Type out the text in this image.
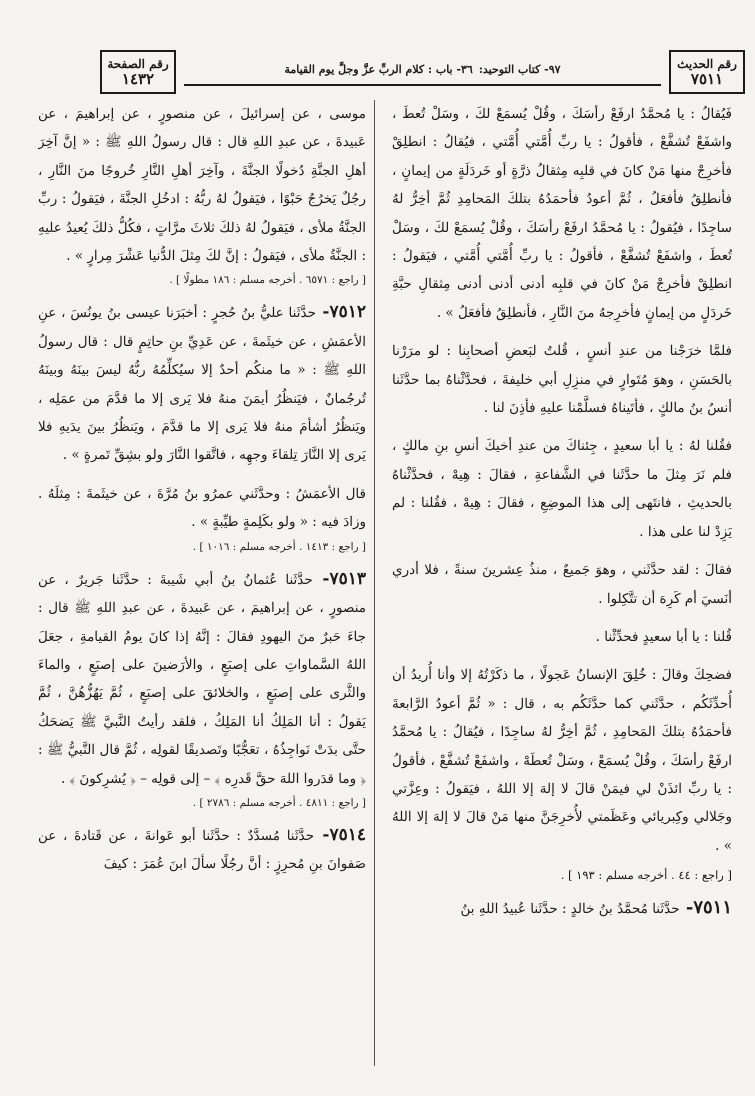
رقم الحديث
٧٥١١
٩٧- كتاب التوحيد:
٣٦- باب : كلام الربِّ عزَّ وجلَّ يوم القيامة
رقم الصفحة
١٤٣٢

فَيُقالُ : يا مُحمَّدُ ارفَعْ رأسَكَ ، وقُلْ يُسمَعْ لكَ ، وسَلْ تُعطَ ، واشفَعْ تُشفَّعْ ، فأقولُ : يا ربِّ أُمَّتي أُمَّتي ، فيُقالُ : انطلِقْ فأخرِجْ منها مَنْ كانَ في قلبِه مِثقالُ ذرَّةٍ أو خَردَلَةٍ من إيمانٍ ، فأنطلِقُ فأفعَلُ ، ثُمَّ أعودُ فأحمَدُهُ بتلكَ المَحامِدِ ثُمَّ أخِرُّ لهُ ساجِدًا ، فيُقولُ : يا مُحمَّدُ ارفَعْ رأسَكَ ، وقُلْ يُسمَعْ لكَ ، وسَلْ تُعطَ ، واشفَعْ تُشفَّعْ ، فأقولُ : يا ربِّ أُمَّتي أُمَّتي ، فيَقولُ : انطلِقْ فأخرِجْ مَنْ كانَ في قلبِه أدنى أدنى أدنى مِثقالِ حبَّةِ خَردَلٍ من إيمانٍ فأخرِجهُ منَ النَّارِ ، فأنطلِقُ فأفعَلُ » .

فلمَّا خرَجْنا من عندِ أنسٍ ، قُلتُ لبَعضِ أصحابِنا : لو مرَرْنا بالحَسَنِ ، وهوَ مُتَوارٍ في منزِلِ أبي خليفةَ ، فحدَّثْناهُ بما حدَّثَنا أنسُ بنُ مالكٍ ، فأتَيناهُ فسلَّمْنا عليهِ فأذِنَ لنا .

فقُلنا لهُ : يا أبا سعيدٍ ، جِئناكَ من عندِ أخيكَ أنسِ بنِ مالكٍ ، فلم نَرَ مِثلَ ما حدَّثَنا في الشَّفاعةِ ، فقالَ : هِيهْ ، فحدَّثْناهُ بالحديثِ ، فانتَهى إلى هذا الموضِعِ ، فقالَ : هِيهْ ، فقُلنا : لم يَزِدْ لنا على هذا .

فقالَ : لقد حدَّثَني ، وهوَ جَميعٌ ، منذُ عِشرينَ سنةً ، فلا أدري أنَسيَ أم كَرِهَ أن تتَّكِلوا .

قُلنا : يا أبا سعيدٍ فحدِّثْنا .

فضحِكَ وقالَ : خُلِقَ الإنسانُ عَجولًا ، ما ذكَرْتُهُ إلا وأنا أُريدُ أن أُحدِّثَكُم ، حدَّثَني كما حدَّثَكُم به ، قال : « ثُمَّ أعودُ الرَّابعةَ فأحمَدُهُ بتلكَ المَحامِدِ ، ثُمَّ أخِرُّ لهُ ساجِدًا ، فيُقالُ : يا مُحمَّدُ ارفَعْ رأسَكَ ، وقُلْ يُسمَعْ ، وسَلْ تُعطَهْ ، واشفَعْ تُشفَّعْ ، فأقولُ : يا ربِّ ائذَنْ لي فيمَنْ قالَ لا إلهَ إلا اللهُ ، فيَقولُ : وعِزَّتي وجَلالي وكِبريائي وعَظَمتي لأُخرِجَنَّ منها مَنْ قالَ لا إلهَ إلا اللهُ » .

[ راجع : ٤٤ . أخرجه مسلم : ١٩٣ ] .

٧٥١١ - حدَّثَنا مُحمَّدُ بنُ خالدٍ : حدَّثَنا عُبيدُ اللهِ بنُ

موسى ، عن إسرائيلَ ، عن منصورٍ ، عن إبراهيمَ ، عن عَبيدةَ ، عن عبدِ اللهِ قال : قال رسولُ اللهِ ﷺ : « إنَّ آخِرَ أهلِ الجنَّةِ دُخولًا الجنَّةَ ، وآخِرَ أهلِ النَّارِ خُروجًا منَ النَّارِ ، رجُلٌ يَخرُجُ حَبْوًا ، فيَقولُ لهُ ربُّهُ : ادخُلِ الجنَّةَ ، فيَقولُ : ربِّ الجنَّةُ ملأى ، فيَقولُ لهُ ذلكَ ثلاثَ مرَّاتٍ ، فكُلُّ ذلكَ يُعيدُ عليهِ : الجنَّةُ ملأى ، فيَقولُ : إنَّ لكَ مِثلَ الدُّنيا عَشْرَ مِرارٍ » .

[ راجع : ٦٥٧١ . أخرجه مسلم : ١٨٦ مطولًا ] .

٧٥١٢ - حدَّثَنا عليُّ بنُ حُجرٍ : أخبَرَنا عيسى بنُ يونُسَ ، عنِ الأعمَشِ ، عن خيثَمةَ ، عن عَدِيِّ بنِ حاتِمٍ قال : قال رسولُ اللهِ ﷺ : « ما منكُم أحدٌ إلا سيُكلِّمُهُ ربُّهُ ليسَ بينَهُ وبينَهُ تُرجُمانٌ ، فيَنظُرُ أيمَنَ منهُ فلا يَرى إلا ما قدَّمَ من عمَلِه ، ويَنظُرُ أشأمَ منهُ فلا يَرى إلا ما قدَّمَ ، ويَنظُرُ بينَ يدَيهِ فلا يَرى إلا النَّارَ تِلقاءَ وجهِه ، فاتَّقوا النَّارَ ولو بشِقِّ تَمرةٍ » .

قال الأعمَشُ : وحدَّثَني عمرُو بنُ مُرَّةَ ، عن خيثَمةَ : مِثلَهُ . وزادَ فيه : « ولو بكَلِمةٍ طيِّبةٍ » .

[ راجع : ١٤١٣ . أخرجه مسلم : ١٠١٦ ] .

٧٥١٣ - حدَّثَنا عُثمانُ بنُ أبي شَيبةَ : حدَّثَنا جَريرٌ ، عن منصورٍ ، عن إبراهيمَ ، عن عَبيدةَ ، عن عبدِ اللهِ ﷺ قال : جاءَ حَبرٌ منَ اليهودِ فقالَ : إنَّهُ إذا كانَ يومُ القيامةِ ، جعَلَ اللهُ السَّماواتِ على إصبَعٍ ، والأرَضينَ على إصبَعٍ ، والماءَ والثَّرى على إصبَعٍ ، والخلائقَ على إصبَعٍ ، ثُمَّ يَهُزُّهُنَّ ، ثُمَّ يَقولُ : أنا المَلِكُ أنا المَلِكُ ، فلقد رأيتُ النَّبيَّ ﷺ يَضحَكُ حتَّى بدَتْ نَواجِذُهُ ، تعَجُّبًا وتَصديقًا لقولِه ، ثُمَّ قال النَّبيُّ ﷺ : ﴿ وما قدَروا اللهَ حقَّ قَدرِه ﴾ – إلى قولِه – ﴿ يُشرِكونَ ﴾ .

[ راجع : ٤٨١١ . أخرجه مسلم : ٢٧٨٦ ] .

٧٥١٤ - حدَّثَنا مُسدَّدٌ : حدَّثَنا أبو عَوانةَ ، عن قَتادةَ ، عن صَفوانَ بنِ مُحرِزٍ : أنَّ رجُلًا سألَ ابنَ عُمَرَ : كيفَ
